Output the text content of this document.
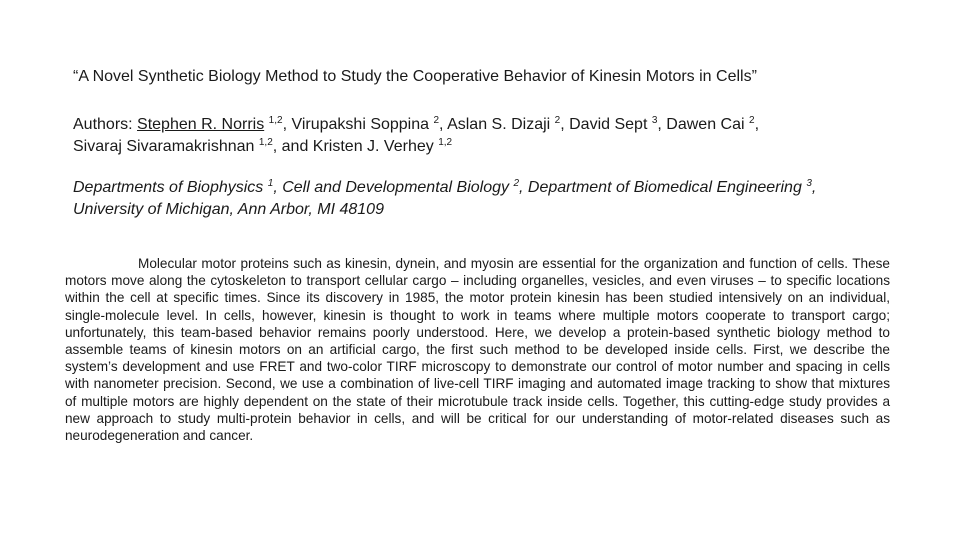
“A Novel Synthetic Biology Method to Study the Cooperative Behavior of Kinesin Motors in Cells”

Authors: Stephen R. Norris $^{1,2}$, Virupakshi Soppina $^2$, Aslan S. Dizaji $^2$, David Sept $^3$, Dawen Cai $^2$,
Sivaraj Sivaramakrishnan $^{1,2}$, and Kristen J. Verhey $^{1,2}$

Departments of Biophysics $^1$, Cell and Developmental Biology $^2$, Department of Biomedical Engineering $^3$, University of Michigan, Ann Arbor, MI 48109

Molecular motor proteins such as kinesin, dynein, and myosin are essential for the organization and function of cells. These motors move along the cytoskeleton to transport cellular cargo – including organelles, vesicles, and even viruses – to specific locations within the cell at specific times. Since its discovery in 1985, the motor protein kinesin has been studied intensively on an individual, single-molecule level. In cells, however, kinesin is thought to work in teams where multiple motors cooperate to transport cargo; unfortunately, this team-based behavior remains poorly understood. Here, we develop a protein-based synthetic biology method to assemble teams of kinesin motors on an artificial cargo, the first such method to be developed inside cells. First, we describe the system’s development and use FRET and two-color TIRF microscopy to demonstrate our control of motor number and spacing in cells with nanometer precision. Second, we use a combination of live-cell TIRF imaging and automated image tracking to show that mixtures of multiple motors are highly dependent on the state of their microtubule track inside cells. Together, this cutting-edge study provides a new approach to study multi-protein behavior in cells, and will be critical for our understanding of motor-related diseases such as neurodegeneration and cancer.
